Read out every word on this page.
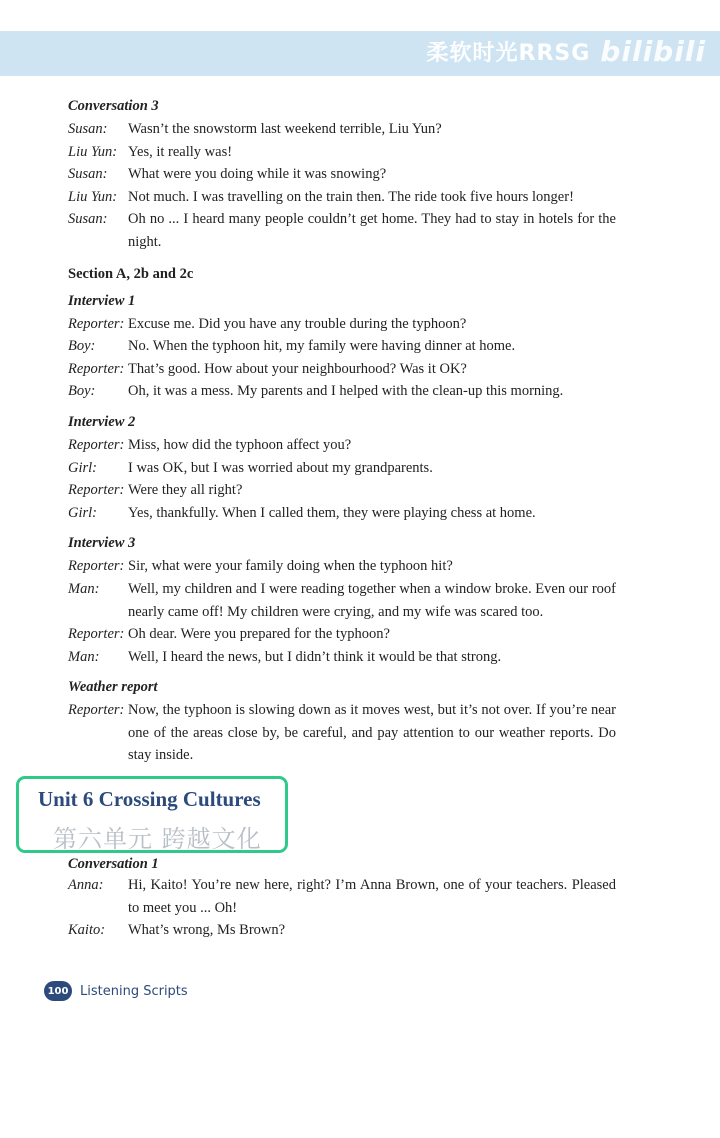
柔软时光RRSG bilibili
Conversation 3
Susan:	Wasn’t the snowstorm last weekend terrible, Liu Yun?
Liu Yun: Yes, it really was!
Susan:	What were you doing while it was snowing?
Liu Yun: Not much. I was travelling on the train then. The ride took five hours longer!
Susan:	Oh no ... I heard many people couldn’t get home. They had to stay in hotels for the night.
Section A, 2b and 2c
Interview 1
Reporter: Excuse me. Did you have any trouble during the typhoon?
Boy:	No. When the typhoon hit, my family were having dinner at home.
Reporter: That’s good. How about your neighbourhood? Was it OK?
Boy:	Oh, it was a mess. My parents and I helped with the clean-up this morning.
Interview 2
Reporter: Miss, how did the typhoon affect you?
Girl:	I was OK, but I was worried about my grandparents.
Reporter: Were they all right?
Girl:	Yes, thankfully. When I called them, they were playing chess at home.
Interview 3
Reporter: Sir, what were your family doing when the typhoon hit?
Man:	Well, my children and I were reading together when a window broke. Even our roof nearly came off! My children were crying, and my wife was scared too.
Reporter: Oh dear. Were you prepared for the typhoon?
Man:	Well, I heard the news, but I didn’t think it would be that strong.
Weather report
Reporter: Now, the typhoon is slowing down as it moves west, but it’s not over. If you’re near one of the areas close by, be careful, and pay attention to our weather reports. Do stay inside.
Unit 6 Crossing Cultures
第六单元 跨越文化
Conversation 1
Anna:	Hi, Kaito! You’re new here, right? I’m Anna Brown, one of your teachers. Pleased to meet you ... Oh!
Kaito:	What’s wrong, Ms Brown?
100 Listening Scripts
